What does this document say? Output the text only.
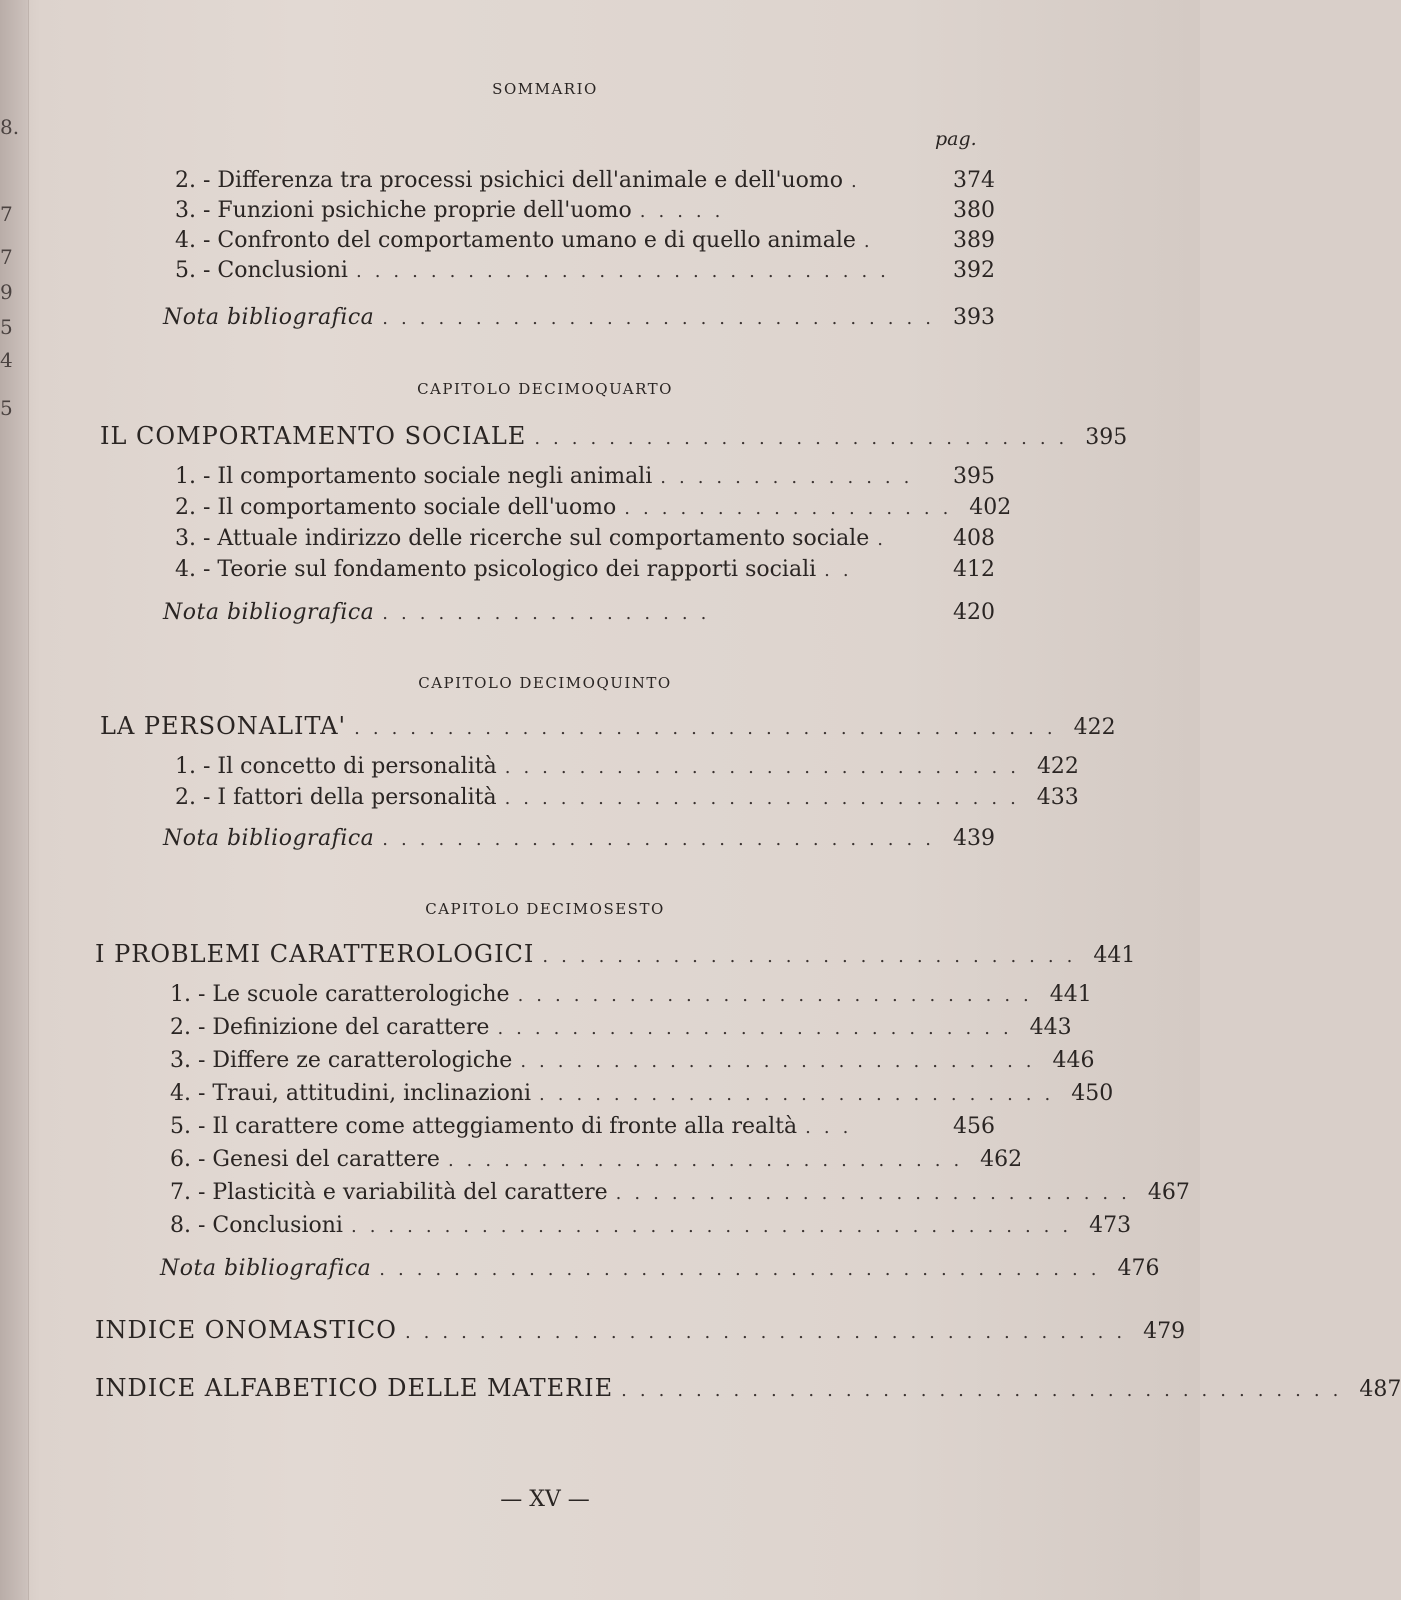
8.
7
7
9
5
4
5
SOMMARIO
pag.
2. - Differenza tra processi psichici dell'animale e dell'uomo .	374
3. - Funzioni psichiche proprie dell'uomo .....	380
4. - Confronto del comportamento umano e di quello animale .	389
5. - Conclusioni .............................	392
Nota bibliografica .............................. 393
CAPITOLO DECIMOQUARTO
IL COMPORTAMENTO SOCIALE ............................. 395
1. - Il comportamento sociale negli animali ..............	395
2. - Il comportamento sociale dell'uomo .................. 402
3. - Attuale indirizzo delle ricerche sul comportamento sociale .	408
4. - Teorie sul fondamento psicologico dei rapporti sociali ..	412
Nota bibliografica ..................	420
CAPITOLO DECIMOQUINTO
LA PERSONALITA' ...................................... 422
1. - Il concetto di personalità ............................ 422
2. - I fattori della personalità ............................ 433
Nota bibliografica .............................. 439
CAPITOLO DECIMOSESTO
I PROBLEMI CARATTEROLOGICI ............................. 441
1. - Le scuole caratterologiche ............................ 441
2. - Definizione del carattere ............................ 443
3. - Differe ze caratterologiche ............................ 446
4. - Traui, attitudini, inclinazioni ............................ 450
5. - Il carattere come atteggiamento di fronte alla realtà ...	456
6. - Genesi del carattere ............................ 462
7. - Plasticità e variabilità del carattere ............................ 467
8. - Conclusioni ....................................... 473
Nota bibliografica ....................................... 476
INDICE ONOMASTICO ....................................... 479
INDICE ALFABETICO DELLE MATERIE ....................................... 487
— XV —
